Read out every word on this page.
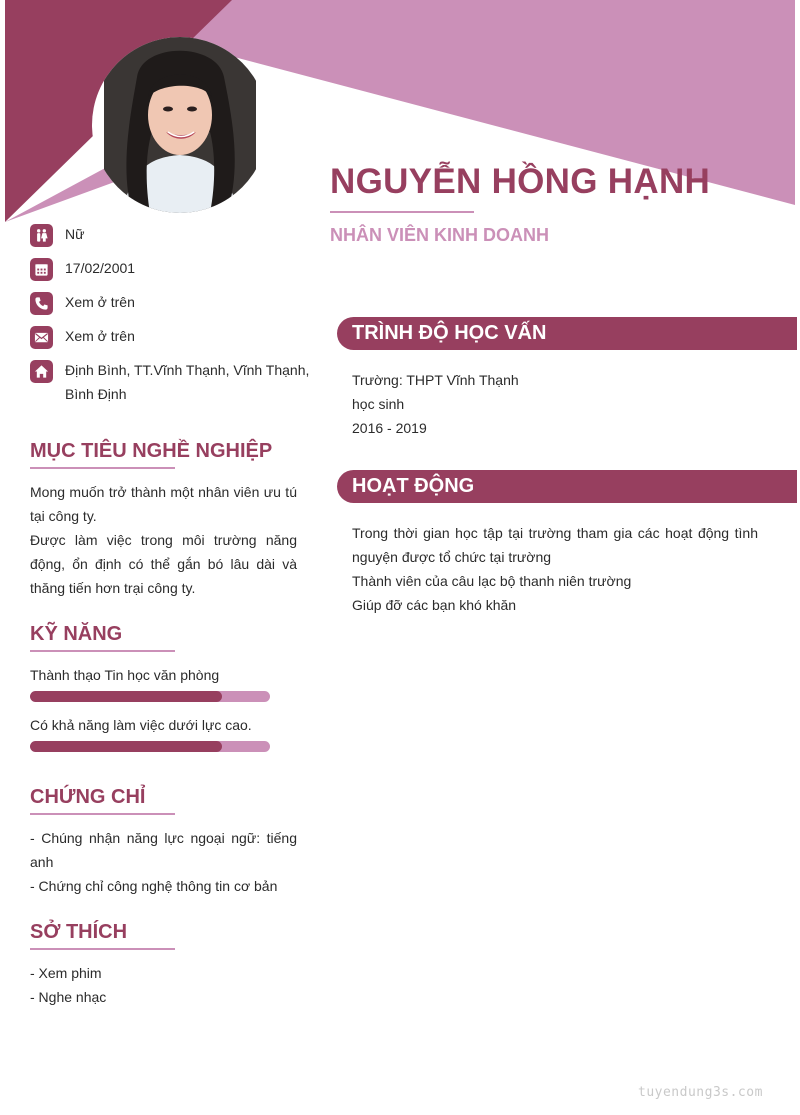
NGUYỄN HỒNG HẠNH
NHÂN VIÊN KINH DOANH
Nữ
17/02/2001
Xem ở trên
Xem ở trên
Định Bình, TT.Vĩnh Thạnh, Vĩnh Thạnh, Bình Định
MỤC TIÊU NGHỀ NGHIỆP

Mong muốn trở thành một nhân viên ưu tú tại công ty.

Được làm việc trong môi trường năng động, ổn định có thể gắn bó lâu dài và thăng tiến hơn trại công ty.

KỸ NĂNG
Thành thạo Tin học văn phòng
Có khả năng làm việc dưới lực cao.
CHỨNG CHỈ

- Chúng nhận năng lực ngoại ngữ: tiếng anh

- Chứng chỉ công nghệ thông tin cơ bản

SỞ THÍCH

- Xem phim

- Nghe nhạc

TRÌNH ĐỘ HỌC VẤN

Trường: THPT Vĩnh Thạnh

học sinh

2016 - 2019

HOẠT ĐỘNG

Trong thời gian học tập tại trường tham gia các hoạt động tình nguyện được tổ chức tại trường

Thành viên của câu lạc bộ thanh niên trường

Giúp đỡ các bạn khó khăn

tuyendung3s.com
